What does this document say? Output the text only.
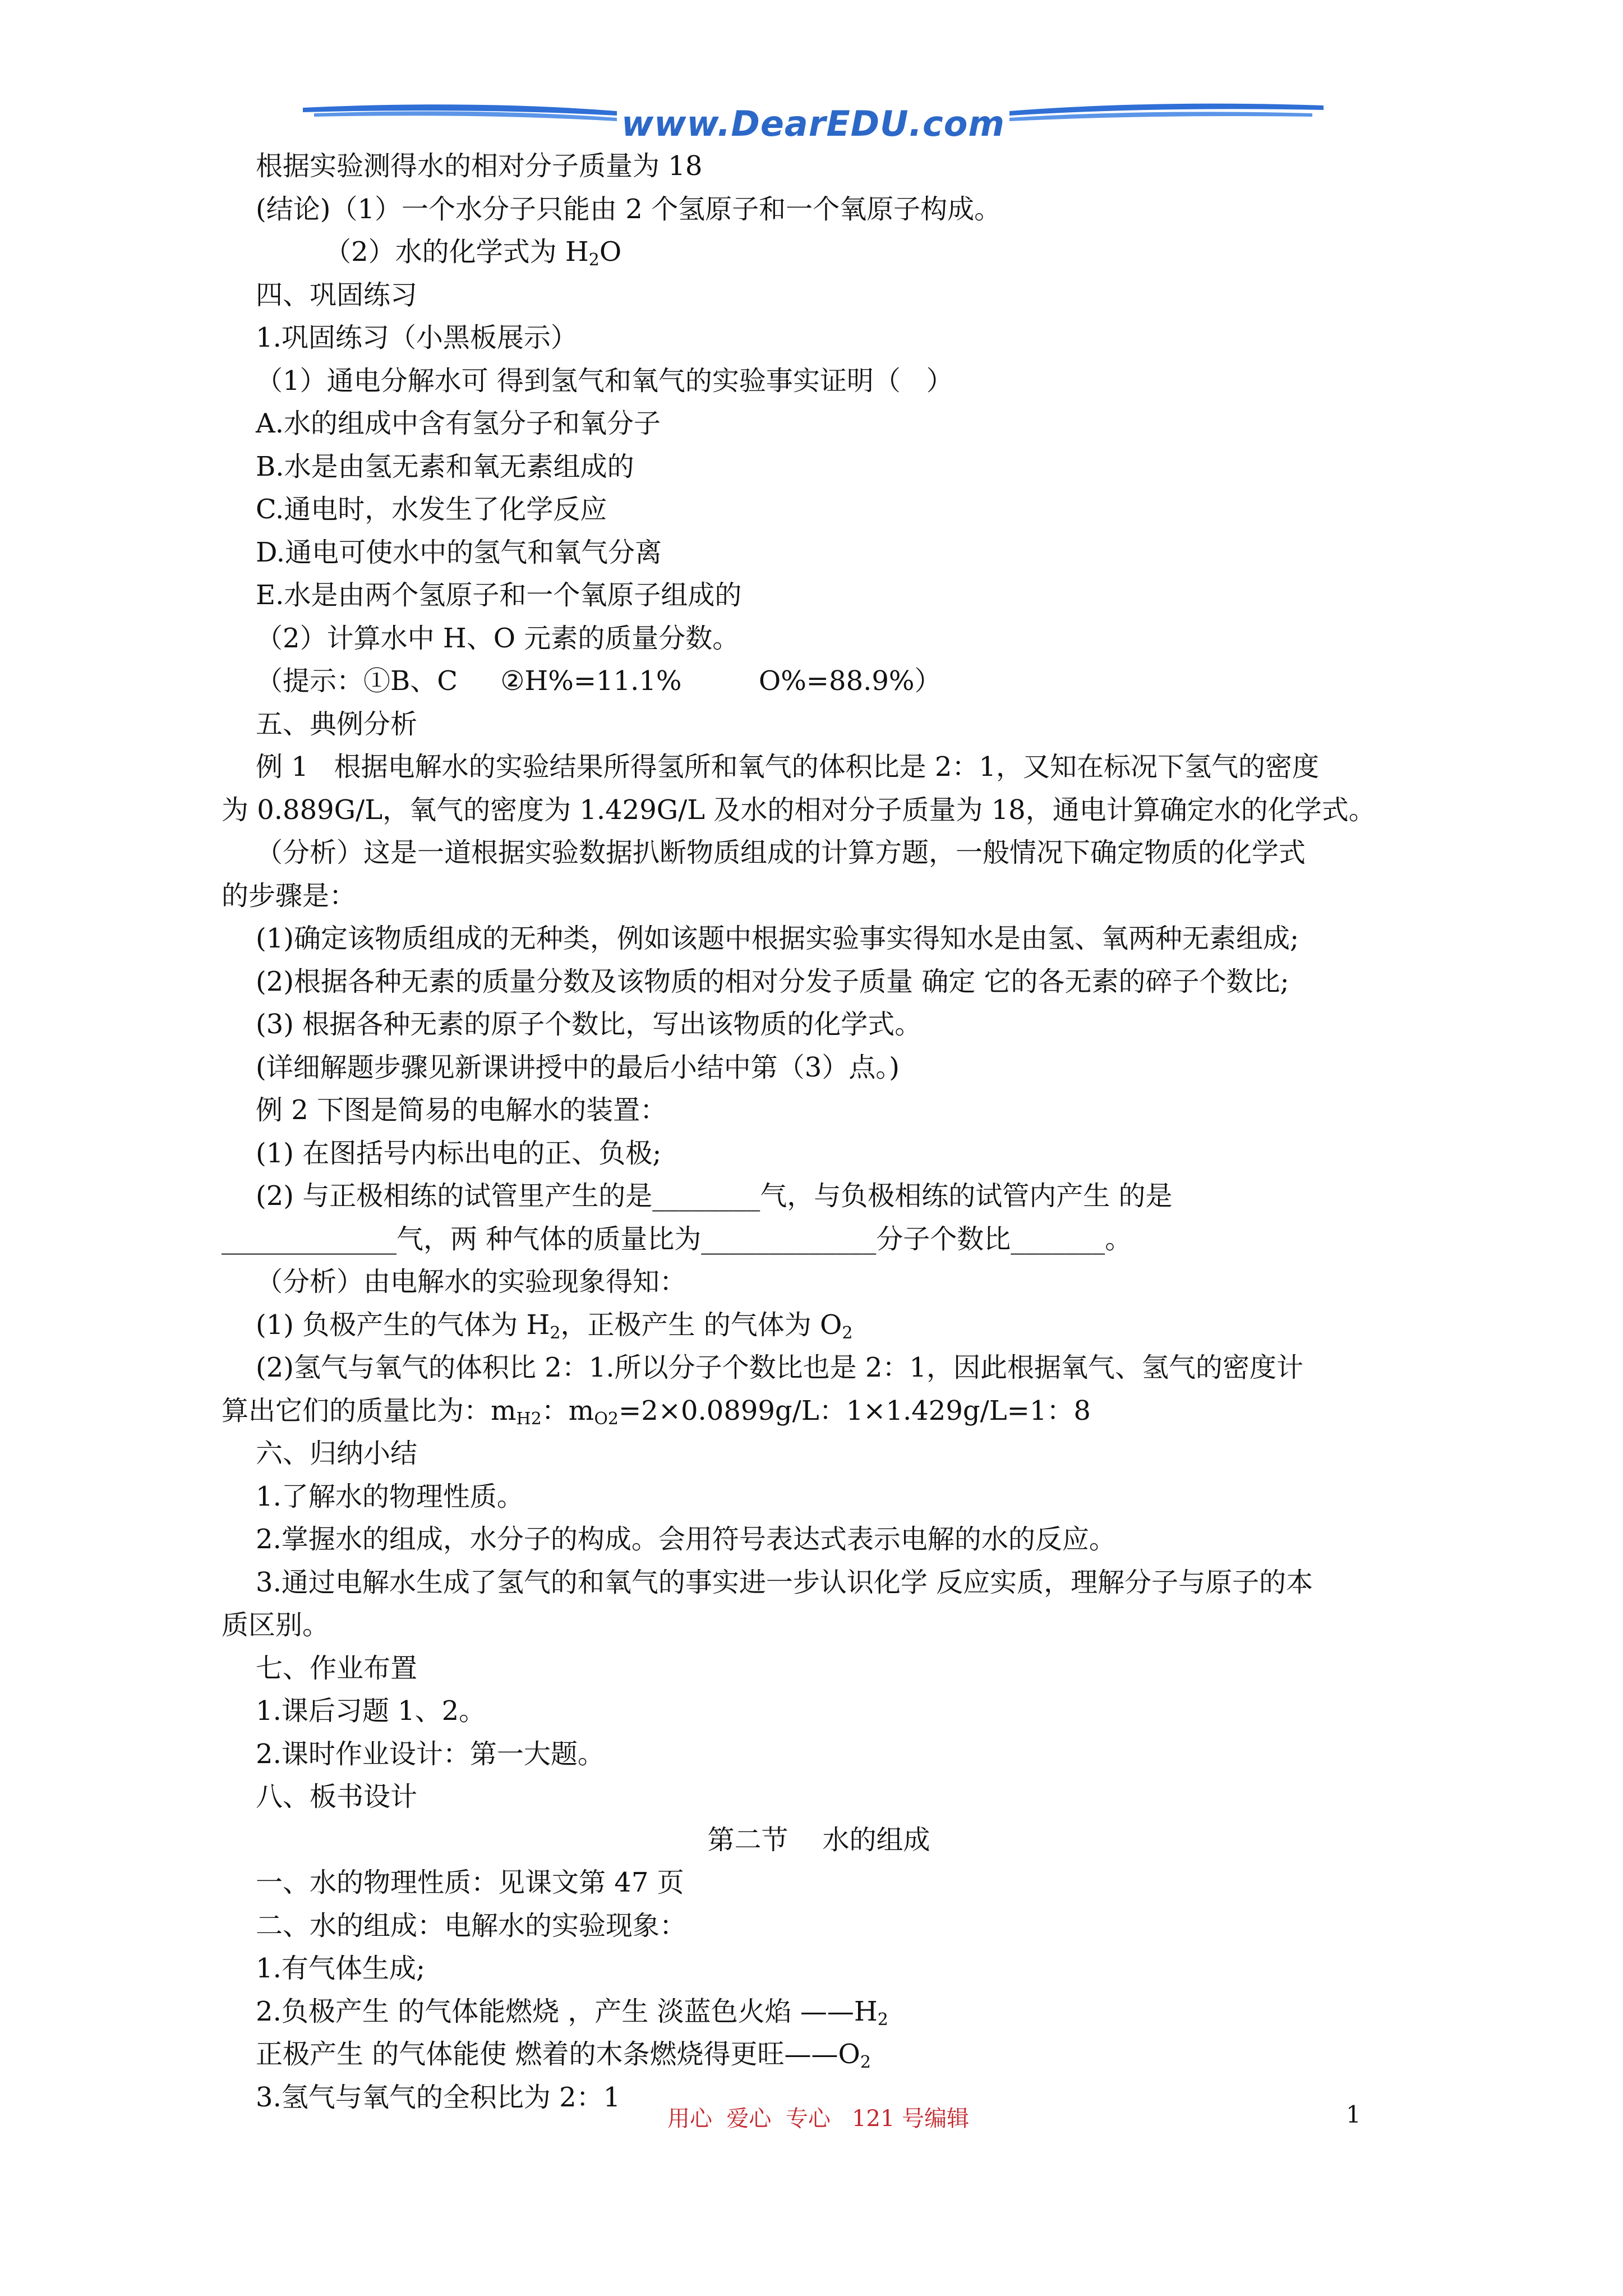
www.DearEDU.com
根据实验测得水的相对分子质量为 18
(结论)（1）一个水分子只能由 2 个氢原子和一个氧原子构成。
（2）水的化学式为 $H_2O$
四、巩固练习
1.巩固练习（小黑板展示）
（1）通电分解水可 得到氢气和氧气的实验事实证明（   ）
A.水的组成中含有氢分子和氧分子
B.水是由氢无素和氧无素组成的
C.通电时，水发生了化学反应
D.通电可使水中的氢气和氧气分离
E.水是由两个氢原子和一个氧原子组成的
（2）计算水中 H、O 元素的质量分数。
（提示：①B、C     ②H%=11.1%         O%=88.9%）
五、典例分析
例 1   根据电解水的实验结果所得氢所和氧气的体积比是 2：1，又知在标况下氢气的密度
为 0.889G/L，氧气的密度为 1.429G/L 及水的相对分子质量为 18，通电计算确定水的化学式。
（分析）这是一道根据实验数据扒断物质组成的计算方题，一般情况下确定物质的化学式
的步骤是：
(1)确定该物质组成的无种类，例如该题中根据实验事实得知水是由氢、氧两种无素组成;
(2)根据各种无素的质量分数及该物质的相对分发子质量 确定 它的各无素的碎子个数比;
(3) 根据各种无素的原子个数比，写出该物质的化学式。
(详细解题步骤见新课讲授中的最后小结中第（3）点。)
例 2 下图是简易的电解水的装置：
(1) 在图括号内标出电的正、负极;
(2) 与正极相练的试管里产生的是________气，与负极相练的试管内产生 的是
_____________气，两 种气体的质量比为_____________分子个数比_______。
（分析）由电解水的实验现象得知：
(1) 负极产生的气体为 $H_2$，正极产生 的气体为 $O_2$
(2)氢气与氧气的体积比 2：1.所以分子个数比也是 2：1，因此根据氧气、氢气的密度计
算出它们的质量比为：$m_{H2}$：$m_{O2}=2\times 0.0899g/L$：1×1.429g/L=1：8
六、归纳小结
1.了解水的物理性质。
2.掌握水的组成，水分子的构成。会用符号表达式表示电解的水的反应。
3.通过电解水生成了氢气的和氧气的事实进一步认识化学 反应实质，理解分子与原子的本
质区别。
七、作业布置
1.课后习题 1、2。
2.课时作业设计：第一大题。
八、板书设计
第二节    水的组成
一、水的物理性质：见课文第 47 页
二、水的组成：电解水的实验现象：
1.有气体生成;
2.负极产生 的气体能燃烧 ，产生 淡蓝色火焰 $——H_2$
正极产生 的气体能使 燃着的木条燃烧得更旺$——O_2$
3.氢气与氧气的全积比为 2：1
用心  爱心  专心   121 号编辑	1
